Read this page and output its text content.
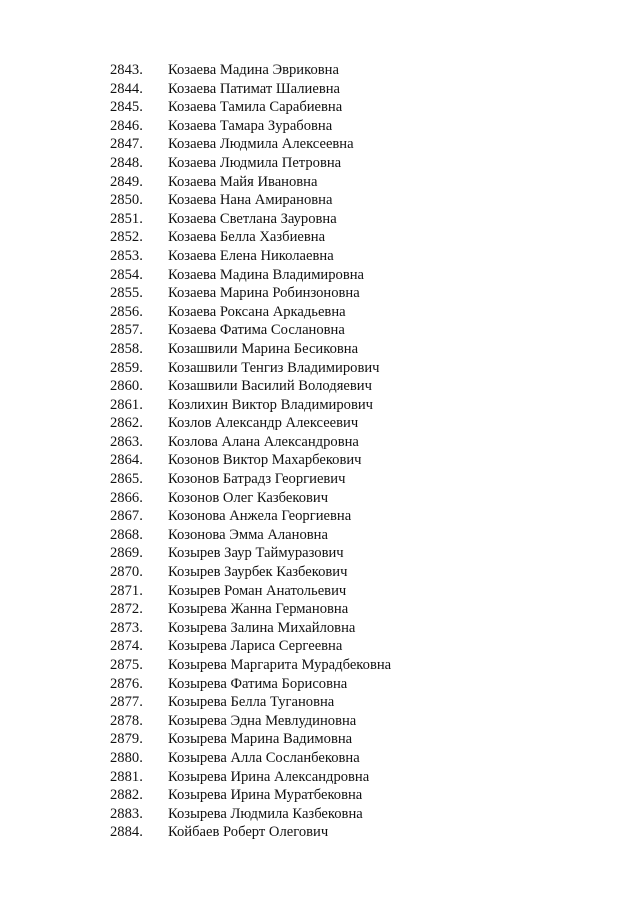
2843.	Козаева Мадина Эвриковна
2844.	Козаева Патимат Шалиевна
2845.	Козаева Тамила Сарабиевна
2846.	Козаева Тамара Зурабовна
2847.	Козаева Людмила Алексеевна
2848.	Козаева Людмила Петровна
2849.	Козаева Майя Ивановна
2850.	Козаева Нана Амирановна
2851.	Козаева Светлана Зауровна
2852.	Козаева Белла Хазбиевна
2853.	Козаева Елена Николаевна
2854.	Козаева Мадина Владимировна
2855.	Козаева Марина Робинзоновна
2856.	Козаева Роксана Аркадьевна
2857.	Козаева Фатима Сослановна
2858.	Козашвили Марина Бесиковна
2859.	Козашвили Тенгиз Владимирович
2860.	Козашвили Василий Володяевич
2861.	Козлихин Виктор Владимирович
2862.	Козлов Александр Алексеевич
2863.	Козлова Алана Александровна
2864.	Козонов Виктор Махарбекович
2865.	Козонов Батрадз Георгиевич
2866.	Козонов Олег Казбекович
2867.	Козонова Анжела Георгиевна
2868.	Козонова Эмма Алановна
2869.	Козырев Заур Таймуразович
2870.	Козырев Заурбек Казбекович
2871.	Козырев Роман Анатольевич
2872.	Козырева Жанна Германовна
2873.	Козырева Залина Михайловна
2874.	Козырева Лариса Сергеевна
2875.	Козырева Маргарита Мурадбековна
2876.	Козырева Фатима Борисовна
2877.	Козырева Белла Тугановна
2878.	Козырева Эдна Мевлудиновна
2879.	Козырева Марина Вадимовна
2880.	Козырева Алла Сосланбековна
2881.	Козырева Ирина Александровна
2882.	Козырева Ирина Муратбековна
2883.	Козырева Людмила Казбековна
2884.	Койбаев Роберт Олегович
